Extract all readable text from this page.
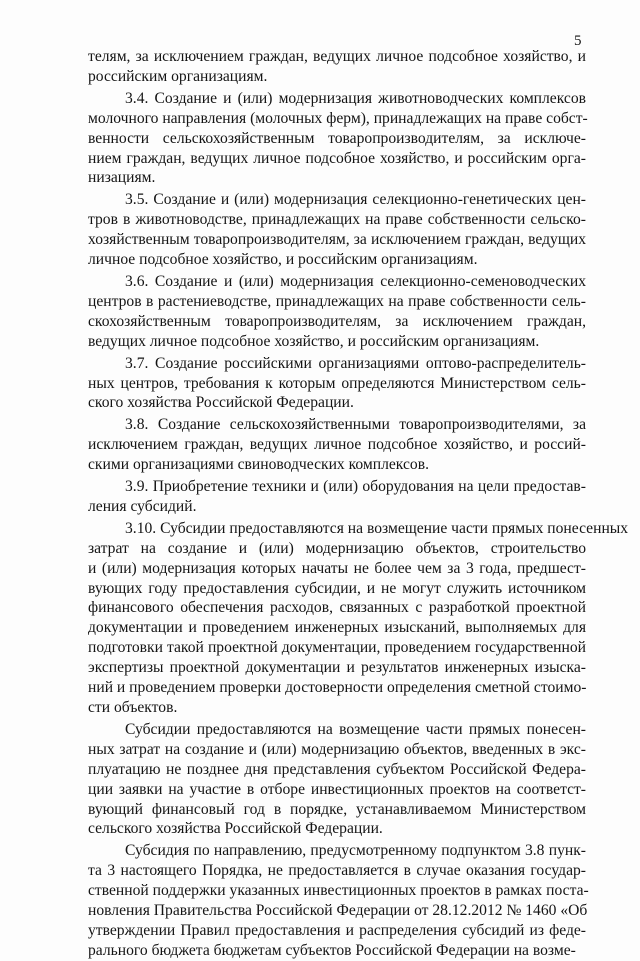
5

телям, за исключением граждан, ведущих личное подсобное хозяйство, и
российским организациям.

3.4. Создание и (или) модернизация животноводческих комплексов
молочного направления (молочных ферм), принадлежащих на праве собст-
венности сельскохозяйственным товаропроизводителям, за исключе-
нием граждан, ведущих личное подсобное хозяйство, и российским орга-
низациям.

3.5. Создание и (или) модернизация селекционно-генетических цен-
тров в животноводстве, принадлежащих на праве собственности сельско-
хозяйственным товаропроизводителям, за исключением граждан, ведущих
личное подсобное хозяйство, и российским организациям.

3.6. Создание и (или) модернизация селекционно-семеноводческих
центров в растениеводстве, принадлежащих на праве собственности сель-
скохозяйственным товаропроизводителям, за исключением граждан,
ведущих личное подсобное хозяйство, и российским организациям.

3.7. Создание российскими организациями оптово-распределитель-
ных центров, требования к которым определяются Министерством сель-
ского хозяйства Российской Федерации.

3.8. Создание сельскохозяйственными товаропроизводителями, за
исключением граждан, ведущих личное подсобное хозяйство, и россий-
скими организациями свиноводческих комплексов.

3.9. Приобретение техники и (или) оборудования на цели предостав-
ления субсидий.

3.10. Субсидии предоставляются на возмещение части прямых понесенных
затрат на создание и (или) модернизацию объектов, строительство
и (или) модернизация которых начаты не более чем за 3 года, предшест-
вующих году предоставления субсидии, и не могут служить источником
финансового обеспечения расходов, связанных с разработкой проектной
документации и проведением инженерных изысканий, выполняемых для
подготовки такой проектной документации, проведением государственной
экспертизы проектной документации и результатов инженерных изыска-
ний и проведением проверки достоверности определения сметной стоимо-
сти объектов.

Субсидии предоставляются на возмещение части прямых понесен-
ных затрат на создание и (или) модернизацию объектов, введенных в экс-
плуатацию не позднее дня представления субъектом Российской Федера-
ции заявки на участие в отборе инвестиционных проектов на соответст-
вующий финансовый год в порядке, устанавливаемом Министерством
сельского хозяйства Российской Федерации.

Субсидия по направлению, предусмотренному подпунктом 3.8 пунк-
та 3 настоящего Порядка, не предоставляется в случае оказания государ-
ственной поддержки указанных инвестиционных проектов в рамках поста-
новления Правительства Российской Федерации от 28.12.2012 № 1460 «Об
утверждении Правил предоставления и распределения субсидий из феде-
рального бюджета бюджетам субъектов Российской Федерации на возме-
